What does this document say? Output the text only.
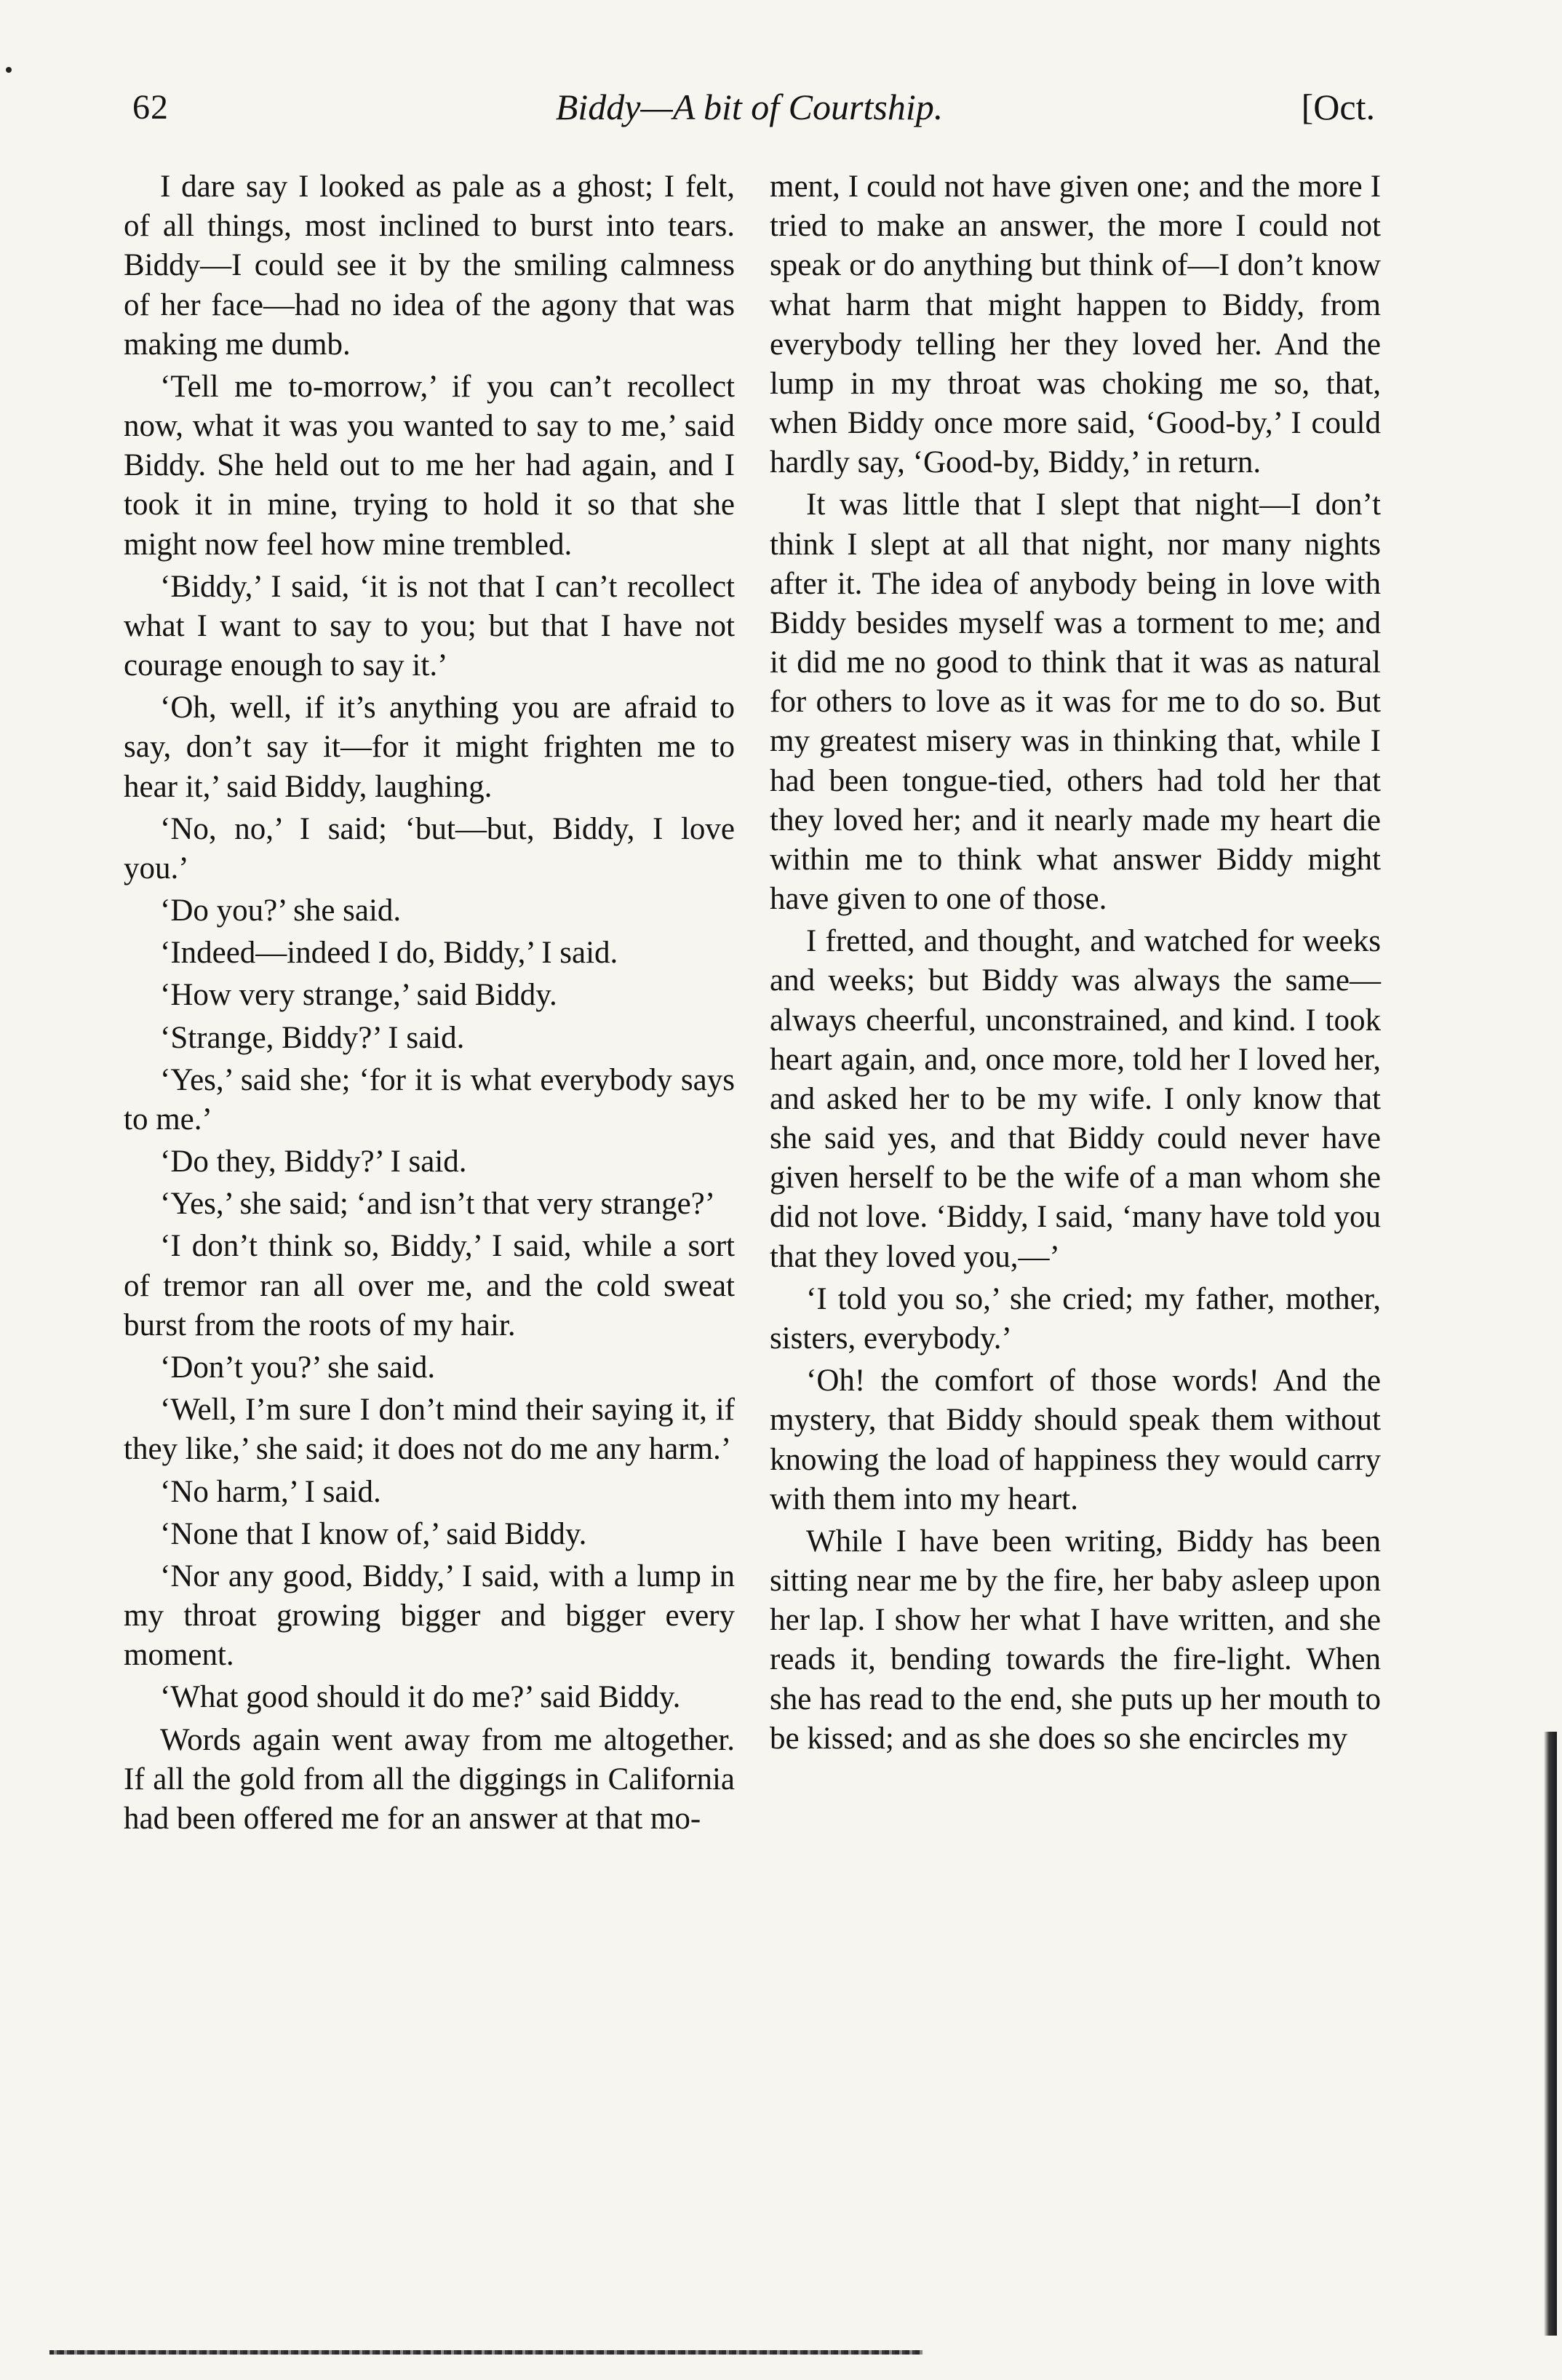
62	Biddy—A bit of Courtship.	[Oct.

I dare say I looked as pale as a ghost; I felt, of all things, most inclined to burst into tears. Biddy—I could see it by the smiling calmness of her face—had no idea of the agony that was making me dumb.

‘Tell me to-morrow,’ if you can’t recollect now, what it was you wanted to say to me,’ said Biddy. She held out to me her had again, and I took it in mine, trying to hold it so that she might now feel how mine trembled.

‘Biddy,’ I said, ‘it is not that I can’t recollect what I want to say to you; but that I have not courage enough to say it.’

‘Oh, well, if it’s anything you are afraid to say, don’t say it—for it might frighten me to hear it,’ said Biddy, laughing.

‘No, no,’ I said; ‘but—but, Biddy, I love you.’

‘Do you?’ she said.

‘Indeed—indeed I do, Biddy,’ I said.

‘How very strange,’ said Biddy.

‘Strange, Biddy?’ I said.

‘Yes,’ said she; ‘for it is what everybody says to me.’

‘Do they, Biddy?’ I said.

‘Yes,’ she said; ‘and isn’t that very strange?’

‘I don’t think so, Biddy,’ I said, while a sort of tremor ran all over me, and the cold sweat burst from the roots of my hair.

‘Don’t you?’ she said.

‘Well, I’m sure I don’t mind their saying it, if they like,’ she said; it does not do me any harm.’

‘No harm,’ I said.

‘None that I know of,’ said Biddy.

‘Nor any good, Biddy,’ I said, with a lump in my throat growing bigger and bigger every moment.

‘What good should it do me?’ said Biddy.

Words again went away from me altogether. If all the gold from all the diggings in California had been offered me for an answer at that mo-

ment, I could not have given one; and the more I tried to make an answer, the more I could not speak or do anything but think of—I don’t know what harm that might happen to Biddy, from everybody telling her they loved her. And the lump in my throat was choking me so, that, when Biddy once more said, ‘Good-by,’ I could hardly say, ‘Good-by, Biddy,’ in return.

It was little that I slept that night—I don’t think I slept at all that night, nor many nights after it. The idea of anybody being in love with Biddy besides myself was a torment to me; and it did me no good to think that it was as natural for others to love as it was for me to do so. But my greatest misery was in thinking that, while I had been tongue-tied, others had told her that they loved her; and it nearly made my heart die within me to think what answer Biddy might have given to one of those.

I fretted, and thought, and watched for weeks and weeks; but Biddy was always the same—always cheerful, unconstrained, and kind. I took heart again, and, once more, told her I loved her, and asked her to be my wife. I only know that she said yes, and that Biddy could never have given herself to be the wife of a man whom she did not love. ‘Biddy, I said, ‘many have told you that they loved you,—’

‘I told you so,’ she cried; my father, mother, sisters, everybody.’

‘Oh! the comfort of those words! And the mystery, that Biddy should speak them without knowing the load of happiness they would carry with them into my heart.

While I have been writing, Biddy has been sitting near me by the fire, her baby asleep upon her lap. I show her what I have written, and she reads it, bending towards the fire-light. When she has read to the end, she puts up her mouth to be kissed; and as she does so she encircles my
